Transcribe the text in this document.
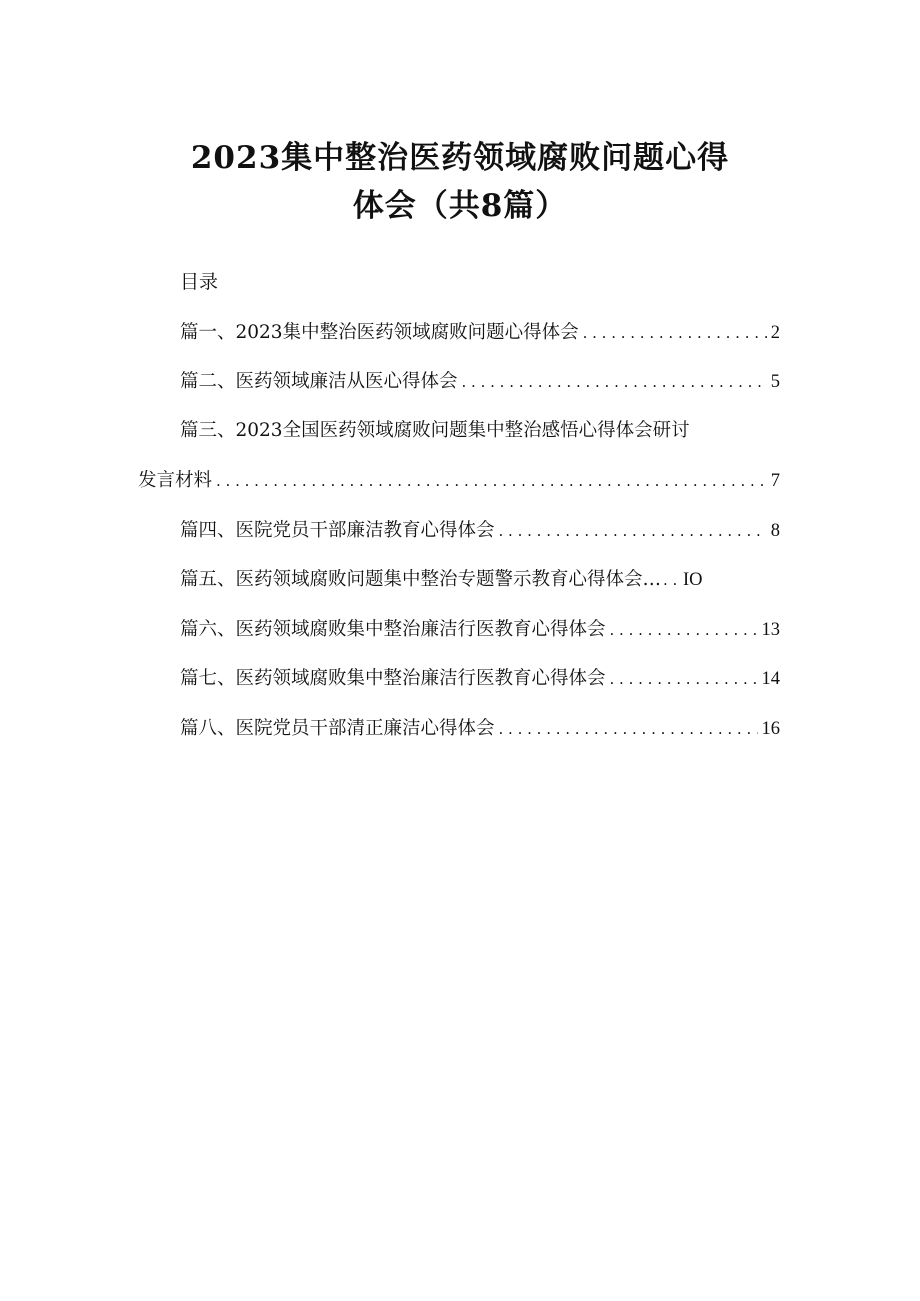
2023集中整治医药领域腐败问题心得
体会（共8篇）
目录
篇一、2023集中整治医药领域腐败问题心得体会 . . .	2
篇二、医药领域廉洁从医心得体会 . . .	5
篇三、2023全国医药领域腐败问题集中整治感悟心得体会研讨
发言材料 . . .	7
篇四、医院党员干部廉洁教育心得体会 . . .	8
篇五、医药领域腐败问题集中整治专题警示教育心得体会… . . . IO
篇六、医药领域腐败集中整治廉洁行医教育心得体会 . . .	13
篇七、医药领域腐败集中整治廉洁行医教育心得体会 . . .	14
篇八、医院党员干部清正廉洁心得体会 . . .	16
